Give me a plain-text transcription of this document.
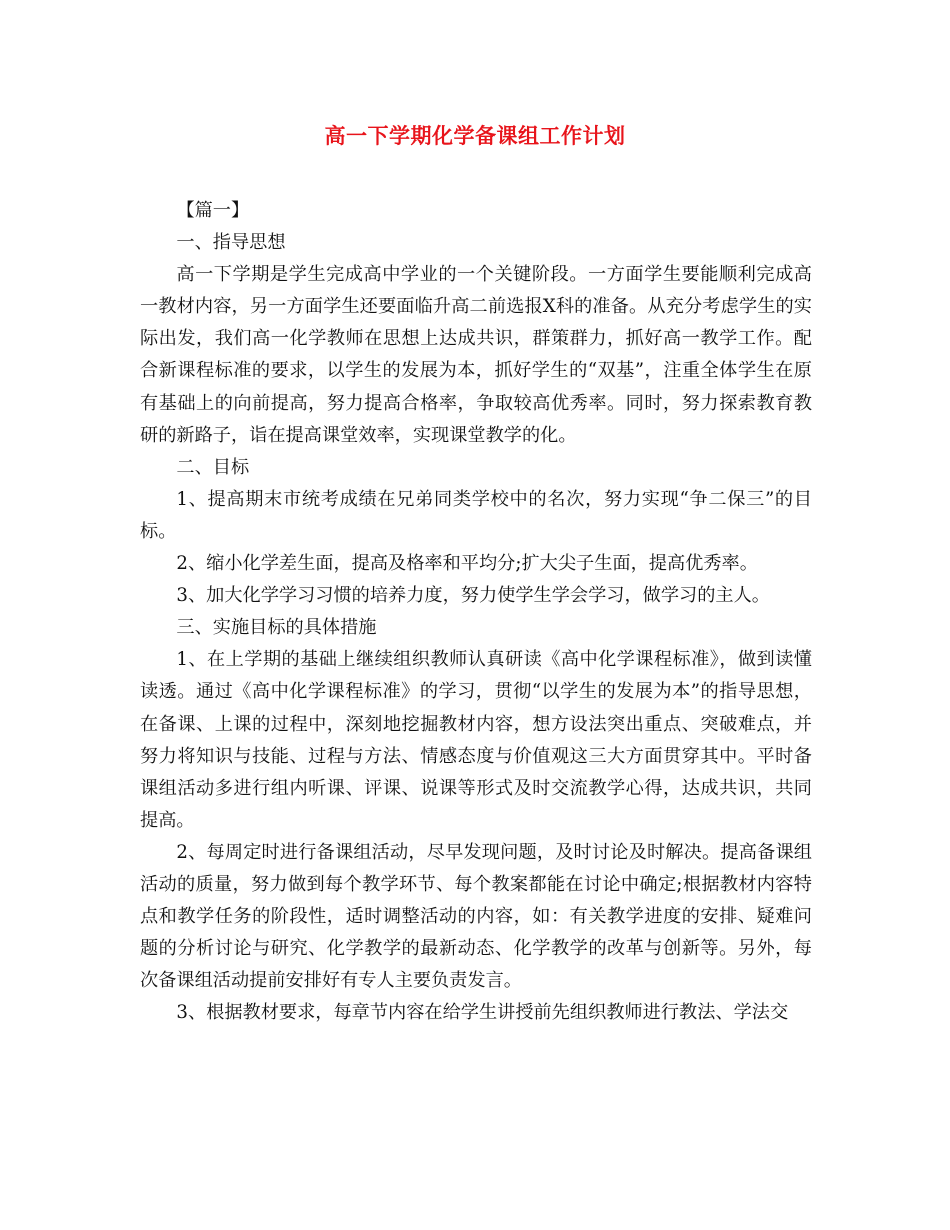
高一下学期化学备课组工作计划

【篇一】

一、指导思想

高一下学期是学生完成高中学业的一个关键阶段。一方面学生要能顺利完成高一教材内容，另一方面学生还要面临升高二前选报X科的准备。从充分考虑学生的实际出发，我们高一化学教师在思想上达成共识，群策群力，抓好高一教学工作。配合新课程标准的要求，以学生的发展为本，抓好学生的“双基”，注重全体学生在原有基础上的向前提高，努力提高合格率，争取较高优秀率。同时，努力探索教育教研的新路子，诣在提高课堂效率，实现课堂教学的化。

二、目标

1、提高期末市统考成绩在兄弟同类学校中的名次，努力实现“争二保三”的目标。

2、缩小化学差生面，提高及格率和平均分;扩大尖子生面，提高优秀率。

3、加大化学学习习惯的培养力度，努力使学生学会学习，做学习的主人。

三、实施目标的具体措施

1、在上学期的基础上继续组织教师认真研读《高中化学课程标准》，做到读懂读透。通过《高中化学课程标准》的学习，贯彻“以学生的发展为本”的指导思想，在备课、上课的过程中，深刻地挖掘教材内容，想方设法突出重点、突破难点，并努力将知识与技能、过程与方法、情感态度与价值观这三大方面贯穿其中。平时备课组活动多进行组内听课、评课、说课等形式及时交流教学心得，达成共识，共同提高。

2、每周定时进行备课组活动，尽早发现问题，及时讨论及时解决。提高备课组活动的质量，努力做到每个教学环节、每个教案都能在讨论中确定;根据教材内容特点和教学任务的阶段性，适时调整活动的内容，如：有关教学进度的安排、疑难问题的分析讨论与研究、化学教学的最新动态、化学教学的改革与创新等。另外，每次备课组活动提前安排好有专人主要负责发言。

3、根据教材要求，每章节内容在给学生讲授前先组织教师进行教法、学法交
